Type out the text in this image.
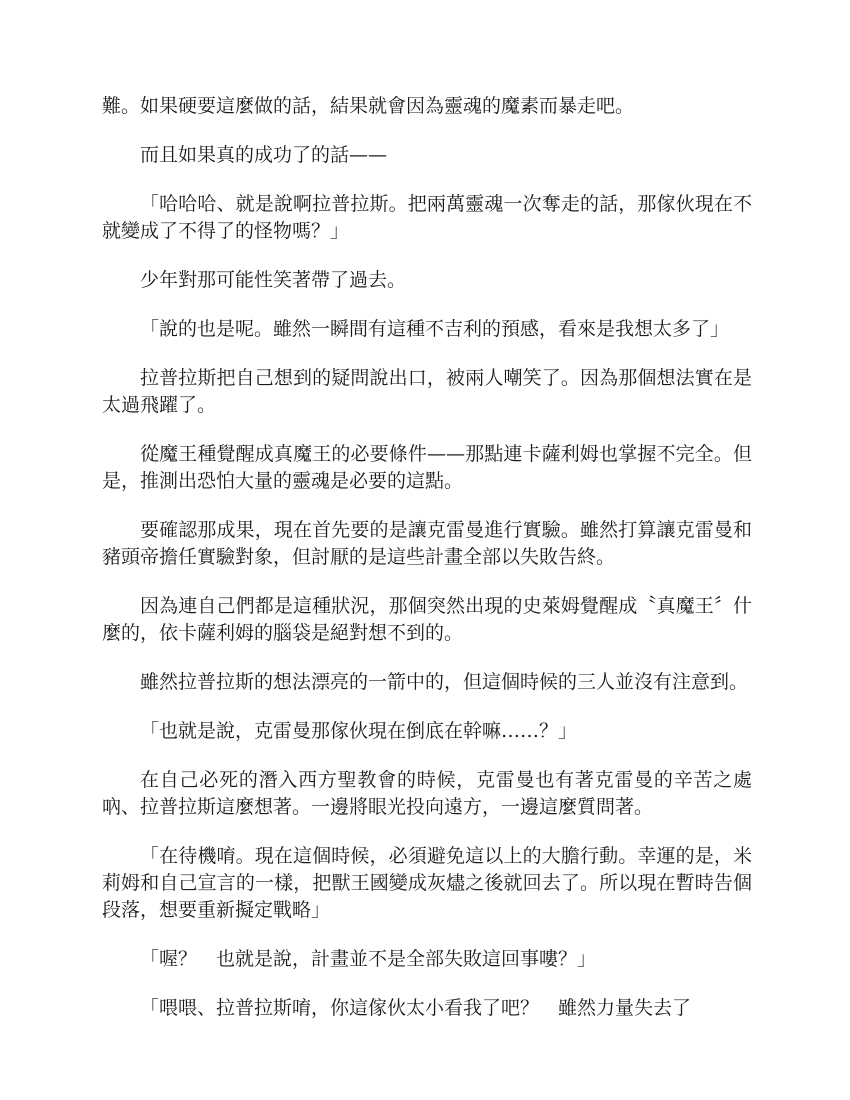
難。如果硬要這麼做的話，結果就會因為靈魂的魔素而暴走吧。

而且如果真的成功了的話——

「哈哈哈、就是說啊拉普拉斯。把兩萬靈魂一次奪走的話，那傢伙現在不就變成了不得了的怪物嗎？」

少年對那可能性笑著帶了過去。

「說的也是呢。雖然一瞬間有這種不吉利的預感，看來是我想太多了」

拉普拉斯把自己想到的疑問說出口，被兩人嘲笑了。因為那個想法實在是太過飛躍了。

從魔王種覺醒成真魔王的必要條件——那點連卡薩利姆也掌握不完全。但是，推測出恐怕大量的靈魂是必要的這點。

要確認那成果，現在首先要的是讓克雷曼進行實驗。雖然打算讓克雷曼和豬頭帝擔任實驗對象，但討厭的是這些計畫全部以失敗告終。

因為連自己們都是這種狀況，那個突然出現的史萊姆覺醒成〝真魔王〞什麼的，依卡薩利姆的腦袋是絕對想不到的。

雖然拉普拉斯的想法漂亮的一箭中的，但這個時候的三人並沒有注意到。

「也就是說，克雷曼那傢伙現在倒底在幹嘛……？」

在自己必死的潛入西方聖教會的時候，克雷曼也有著克雷曼的辛苦之處吶、拉普拉斯這麼想著。一邊將眼光投向遠方，一邊這麼質問著。

「在待機唷。現在這個時候，必須避免這以上的大膽行動。幸運的是，米莉姆和自己宣言的一樣，把獸王國變成灰燼之後就回去了。所以現在暫時告個段落，想要重新擬定戰略」

「喔？　也就是說，計畫並不是全部失敗這回事嘍？」

「喂喂、拉普拉斯唷，你這傢伙太小看我了吧？　雖然力量失去了
